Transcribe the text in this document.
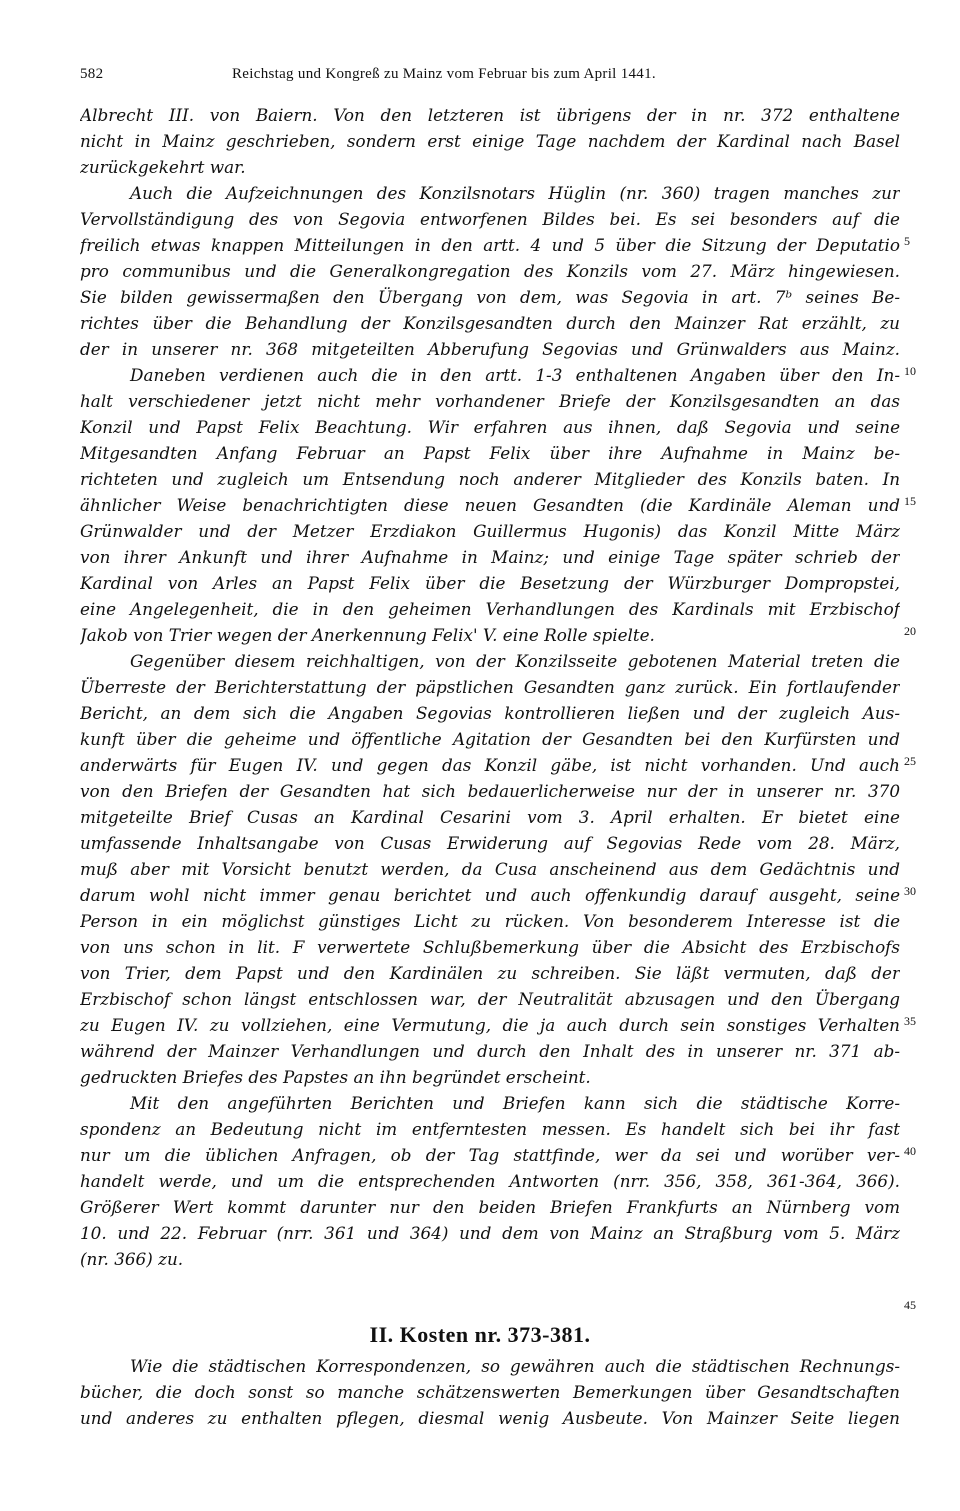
582	Reichstag und Kongreß zu Mainz vom Februar bis zum April 1441.
Albrecht III. von Baiern. Von den letzteren ist übrigens der in nr. 372 enthaltene
nicht in Mainz geschrieben, sondern erst einige Tage nachdem der Kardinal nach Basel
zurückgekehrt war.
Auch die Aufzeichnungen des Konzilsnotars Hüglin (nr. 360) tragen manches zur
Vervollständigung des von Segovia entworfenen Bildes bei. Es sei besonders auf die
freilich etwas knappen Mitteilungen in den artt. 4 und 5 über die Sitzung der Deputatio
pro communibus und die Generalkongregation des Konzils vom 27. März hingewiesen.
Sie bilden gewissermaßen den Übergang von dem, was Segovia in art. 7ᵇ seines Be-
richtes über die Behandlung der Konzilsgesandten durch den Mainzer Rat erzählt, zu
der in unserer nr. 368 mitgeteilten Abberufung Segovias und Grünwalders aus Mainz.
Daneben verdienen auch die in den artt. 1-3 enthaltenen Angaben über den In-
halt verschiedener jetzt nicht mehr vorhandener Briefe der Konzilsgesandten an das
Konzil und Papst Felix Beachtung. Wir erfahren aus ihnen, daß Segovia und seine
Mitgesandten Anfang Februar an Papst Felix über ihre Aufnahme in Mainz be-
richteten und zugleich um Entsendung noch anderer Mitglieder des Konzils baten. In
ähnlicher Weise benachrichtigten diese neuen Gesandten (die Kardinäle Aleman und
Grünwalder und der Metzer Erzdiakon Guillermus Hugonis) das Konzil Mitte März
von ihrer Ankunft und ihrer Aufnahme in Mainz; und einige Tage später schrieb der
Kardinal von Arles an Papst Felix über die Besetzung der Würzburger Dompropstei,
eine Angelegenheit, die in den geheimen Verhandlungen des Kardinals mit Erzbischof
Jakob von Trier wegen der Anerkennung Felix' V. eine Rolle spielte.
Gegenüber diesem reichhaltigen, von der Konzilsseite gebotenen Material treten die
Überreste der Berichterstattung der päpstlichen Gesandten ganz zurück. Ein fortlaufender
Bericht, an dem sich die Angaben Segovias kontrollieren ließen und der zugleich Aus-
kunft über die geheime und öffentliche Agitation der Gesandten bei den Kurfürsten und
anderwärts für Eugen IV. und gegen das Konzil gäbe, ist nicht vorhanden. Und auch
von den Briefen der Gesandten hat sich bedauerlicherweise nur der in unserer nr. 370
mitgeteilte Brief Cusas an Kardinal Cesarini vom 3. April erhalten. Er bietet eine
umfassende Inhaltsangabe von Cusas Erwiderung auf Segovias Rede vom 28. März,
muß aber mit Vorsicht benutzt werden, da Cusa anscheinend aus dem Gedächtnis und
darum wohl nicht immer genau berichtet und auch offenkundig darauf ausgeht, seine
Person in ein möglichst günstiges Licht zu rücken. Von besonderem Interesse ist die
von uns schon in lit. F verwertete Schlußbemerkung über die Absicht des Erzbischofs
von Trier, dem Papst und den Kardinälen zu schreiben. Sie läßt vermuten, daß der
Erzbischof schon längst entschlossen war, der Neutralität abzusagen und den Übergang
zu Eugen IV. zu vollziehen, eine Vermutung, die ja auch durch sein sonstiges Verhalten
während der Mainzer Verhandlungen und durch den Inhalt des in unserer nr. 371 ab-
gedruckten Briefes des Papstes an ihn begründet erscheint.
Mit den angeführten Berichten und Briefen kann sich die städtische Korre-
spondenz an Bedeutung nicht im entferntesten messen. Es handelt sich bei ihr fast
nur um die üblichen Anfragen, ob der Tag stattfinde, wer da sei und worüber ver-
handelt werde, und um die entsprechenden Antworten (nrr. 356, 358, 361-364, 366).
Größerer Wert kommt darunter nur den beiden Briefen Frankfurts an Nürnberg vom
10. und 22. Februar (nrr. 361 und 364) und dem von Mainz an Straßburg vom 5. März
(nr. 366) zu.
5
10
15
20
25
30
35
40
45
II. Kosten nr. 373-381.
Wie die städtischen Korrespondenzen, so gewähren auch die städtischen Rechnungs-
bücher, die doch sonst so manche schätzenswerten Bemerkungen über Gesandtschaften
und anderes zu enthalten pflegen, diesmal wenig Ausbeute. Von Mainzer Seite liegen
